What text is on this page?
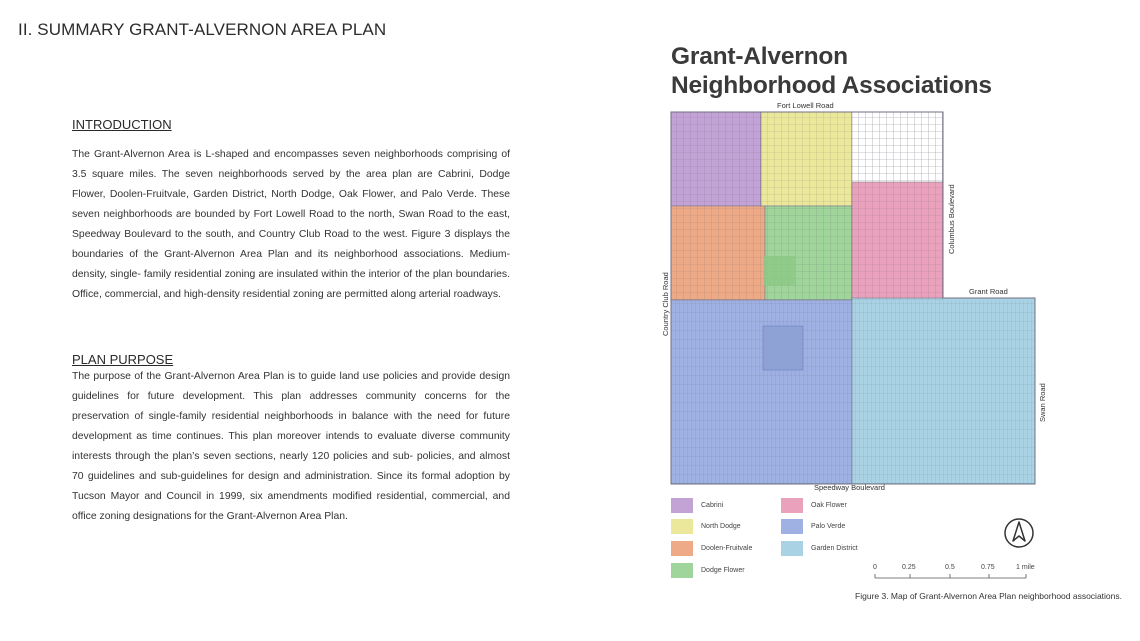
II. SUMMARY GRANT-ALVERNON AREA PLAN

INTRODUCTION

The Grant-Alvernon Area is L-shaped and encompasses seven neighborhoods comprising of 3.5 square miles. The seven neighborhoods served by the area plan are Cabrini, Dodge Flower, Doolen-Fruitvale, Garden District, North Dodge, Oak Flower, and Palo Verde. These seven neighborhoods are bounded by Fort Lowell Road to the north, Swan Road to the east, Speedway Boulevard to the south, and Country Club Road to the west. Figure 3 displays the boundaries of the Grant-Alvernon Area Plan and its neighborhood associations. Medium-density, single- family residential zoning are insulated within the interior of the plan boundaries. Office, commercial, and high-density residential zoning are permitted along arterial roadways.

PLAN PURPOSE

The purpose of the Grant-Alvernon Area Plan is to guide land use policies and provide design guidelines for future development. This plan addresses community concerns for the preservation of single-family residential neighborhoods in balance with the need for future development as time continues. This plan moreover intends to evaluate diverse community interests through the plan’s seven sections, nearly 120 policies and sub- policies, and almost 70 guidelines and sub-guidelines for design and administration. Since its formal adoption by Tucson Mayor and Council in 1999, six amendments modified residential, commercial, and office zoning designations for the Grant-Alvernon Area Plan.

Grant-Alvernon
Neighborhood Associations
Fort Lowell Road
Grant Road
Speedway Boulevard
Columbus Boulevard
Country Club Road
Swan Road
Cabrini
North Dodge
Doolen-Fruitvale
Dodge Flower
Oak Flower
Palo Verde
Garden District
0	0.25	0.5	0.75	1 mile
Figure 3. Map of Grant-Alvernon Area Plan neighborhood associations.
